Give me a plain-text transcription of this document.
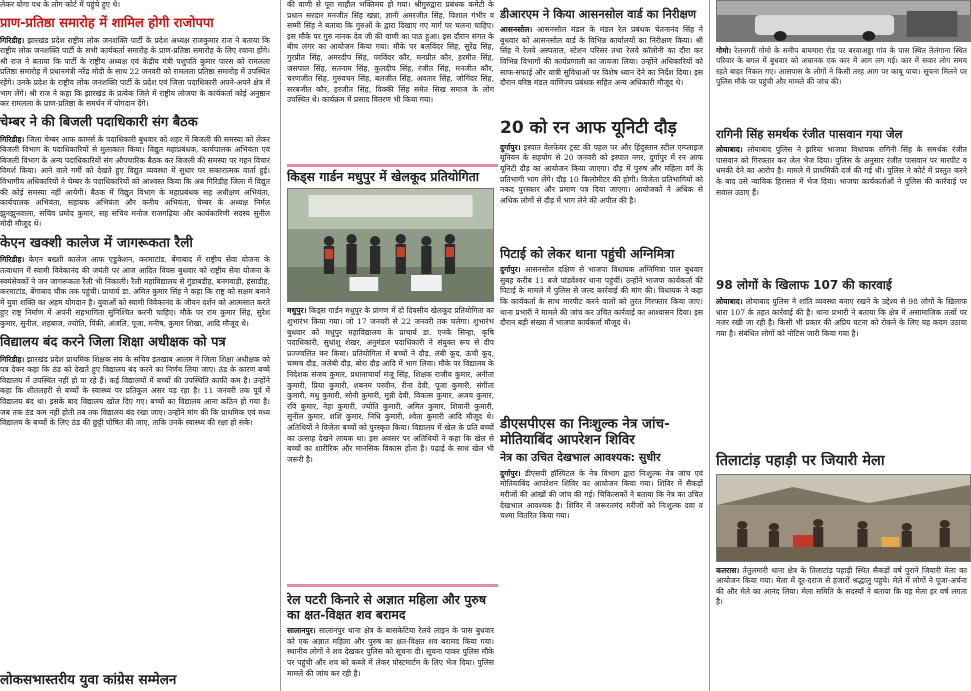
लेकर योगा पथ के लोग कोर्ट में पहुंचे हुए थे।
प्राण-प्रतिष्ठा समारोह में शामिल होगी राजोपपा
गिरिडीह। झारखंड प्रदेश राष्ट्रीय लोक जनशक्ति पार्टी के प्रदेश अध्यक्ष राजकुमार राज ने बताया कि राष्ट्रीय लोक जनशक्ति पार्टी के सभी कार्यकर्ता समारोह के प्राण-प्रतिष्ठा समारोह के लिए रवाना होंगे। श्री राज ने बताया कि पार्टी के राष्ट्रीय अध्यक्ष एवं केंद्रीय मंत्री पशुपति कुमार पारस को रामलला प्रतिष्ठा समारोह में प्रधानमंत्री नरेंद्र मोदी के साथ 22 जनवरी को रामलला प्रतिष्ठा समारोह में उपस्थित रहेंगे। उनके प्रदेश के राष्ट्रीय लोक जनशक्ति पार्टी के प्रदेश एवं जिला पदाधिकारी अपने-अपने क्षेत्र में भाग लेंगे। श्री राज ने कहा कि झारखंड के प्रत्येक जिले में राष्ट्रीय लोजपा के कार्यकर्ता कोई अनुष्ठान कर रामलला के प्राण-प्रतिष्ठा के समर्थन में योगदान देंगे।
चेम्बर ने की बिजली पदाधिकारी संग बैठक
गिरिडीह। जिला चेम्बर आफ कामर्स के पदाधिकारी बुधवार को शहर में बिजली की समस्या को लेकर बिजली विभाग के पदाधिकारियों से मुलाकात किया। विद्युत महाप्रबंधक, कार्यपालक अभियंता एवं बिजली विभाग के अन्य पदाधिकारियों संग औपचारिक बैठक कर बिजली की समस्या पर गहन विचार विमर्श किया। आने वाले गर्मी को देखते हुए विद्युत व्यवस्था में सुधार पर सकारात्मक वार्ता हुई। विभागीय अधिकारियों ने चेम्बर के पदाधिकारियों को आश्वस्त किया कि अब गिरिडीह जिला में विद्युत की कोई समस्या नहीं आयेगी। बैठक में विद्युत विभाग के महाप्रबंधक सह अधीक्षण अभियंता, कार्यपालक अभियंता, सहायक अभियंता और कनीय अभियंता, चेम्बर के अध्यक्ष निर्मल झुनझुनवाला, सचिव प्रमोद कुमार, सह सचिव मनोज राजगढ़िया और कार्यकारिणी सदस्य सुनील मोदी मौजूद थे।
केएन खक्शी कालेज में जागरूकता रैली
गिरिडीह। केएन बख्शी कालेज आफ एडुकेशन, करमाटांड, बेंगाबाद में राष्ट्रीय सेवा योजना के तत्वाधान में स्वामी विवेकानंद की जयंती पर आज आदित विवस बुधवार को राष्ट्रीय सेवा योजना के स्वयंसेवकों ने जन जागरूकता रैली भी निकाली। रैली महाविद्यालय से गुंडाबडीह, बनगवाड़ी, हंसाडीह, करमाटांड, बेंगाबाद चौक तक पहुंची। प्राचार्य डा. अमित कुमार सिंह ने कहा कि राष्ट्र को सक्षम बनाने में युवा शक्ति का अहम योगदान है। युवाओं को स्वामी विवेकानंद के जीवन दर्शन को आत्मसात करते हुए राष्ट्र निर्माण में अपनी सहभागिता सुनिश्चित करनी चाहिए। मौके पर राम कुमार सिंह, सुरेश कुमार, सुनील, शहबाज, ज्योति, पिंकी, अंजलि, पूजा, मनीष, कुमार शिखा, आदि मौजूद थे।
विद्यालय बंद करने जिला शिक्षा अधीक्षक को पत्र
गिरिडीह। झारखंड प्रदेश प्राथमिक शिक्षक संघ के सचिव इंतखाब आलम ने जिला शिक्षा अधीक्षक को पत्र देकर कहा कि ठंड को देखते हुए विद्यालय बंद करने का निर्णय लिया जाए। ठंड के कारण बच्चे विद्यालय में उपस्थित नहीं हो पा रहे हैं। कई विद्यालयों में बच्चों की उपस्थिति काफी कम है। उन्होंने कहा कि शीतलहरी से बच्चों के स्वास्थ्य पर प्रतिकूल असर पड़ रहा है। 11 जनवरी तक पूर्व में विद्यालय बंद था। इसके बाद विद्यालय खोल दिए गए। बच्चों का विद्यालय आना कठिन हो गया है। जब तक ठंड कम नहीं होती तब तक विद्यालय बंद रखा जाए। उन्होंने मांग की कि प्राथमिक एवं मध्य विद्यालय के बच्चों के लिए ठंड की छुट्टी घोषित की जाए, ताकि उनके स्वास्थ्य की रक्षा हो सके।
लोकसभास्तरीय युवा कांग्रेस सम्मेलन
की वाणी से पूरा माहौल भक्तिमय हो गया। श्रीगुरुद्वारा प्रबंधक कमेटी के प्रधान सरदार मनजीत सिंह खन्ना, ज्ञानी अमरजीत सिंह, विशाल गंभीर व सम्मी सिंह ने बताया कि गुरुओं के द्वारा दिखाए गए मार्ग पर चलना चाहिए। इस मौके पर गुरु नानक देव जी की वाणी का पाठ हुआ। इस दौरान संगत के बीच लंगर का आयोजन किया गया। मौके पर बलविंदर सिंह, सुरेंद्र सिंह, गुरप्रीत सिंह, अमरदीप सिंह, परविंदर कौर, मनप्रीत कौर, हरमीत सिंह, जसपाल सिंह, सतनाम सिंह, कुलदीप सिंह, रंजीत सिंह, मनजीत कौर, चरणजीत सिंह, गुरुवचन सिंह, बलजीत सिंह, अवतार सिंह, जोगिंदर सिंह, सरबजीत कौर, हरजीत सिंह, विक्की सिंह समेत सिख समाज के लोग उपस्थित थे। कार्यक्रम में प्रसाद वितरण भी किया गया।
किड्स गार्डन मधुपुर में खेलकूद प्रतियोगिता
मधुपुर। किड्स गार्डन मधुपुर के प्रांगण में दो दिवसीय खेलकूद प्रतियोगिता का शुभारंभ किया गया। जो 17 जनवरी से 22 जनवरी तक चलेगा। शुभारंभ बुधवार को मधुपुर महाविद्यालय के प्राचार्य डा. एनके सिन्हा, कृषि पदाधिकारी, सुधांशु शेखर, अनुमंडल पदाधिकारी ने संयुक्त रूप से दीप प्रज्ज्वलित कर किया। प्रतियोगिता में बच्चों ने दौड़, लंबी कूद, ऊंची कूद, चम्मच दौड़, जलेबी दौड़, बोरा दौड़ आदि में भाग लिया। मौके पर विद्यालय के निदेशक संजय कुमार, प्रधानाचार्या मंजू सिंह, शिक्षक राजीव कुमार, अनीता कुमारी, प्रिया कुमारी, शबनम परवीन, रीना देवी, पूजा कुमारी, संगीता कुमारी, मधु कुमारी, सोनी कुमारी, मुन्नी देवी, विकास कुमार, अजय कुमार, रवि कुमार, नेहा कुमारी, ज्योति कुमारी, अमित कुमार, शिवानी कुमारी, सुनील कुमार, शशि कुमार, निधि कुमारी, श्वेता कुमारी आदि मौजूद थे। अतिथियों ने विजेता बच्चों को पुरस्कृत किया। विद्यालय में खेल के प्रति बच्चों का उत्साह देखने लायक था। इस अवसर पर अतिथियों ने कहा कि खेल से बच्चों का शारीरिक और मानसिक विकास होता है। पढ़ाई के साथ खेल भी जरूरी है।
रेल पटरी किनारे से अज्ञात महिला और पुरुष का क्षत-विक्षत शव बरामद
सालानपुर। सालानपुर थाना क्षेत्र के बासकेटिया रेलवे लाइन के पास बुधवार को एक अज्ञात महिला और पुरुष का क्षत-विक्षत शव बरामद किया गया। स्थानीय लोगों ने शव देखकर पुलिस को सूचना दी। सूचना पाकर पुलिस मौके पर पहुंची और शव को कब्जे में लेकर पोस्टमार्टम के लिए भेज दिया। पुलिस मामले की जांच कर रही है।
डीआरएम ने किया आसनसोल वार्ड का निरीक्षण
आसनसोल। आसनसोल मंडल के मंडल रेल प्रबंधक चेतनानंद सिंह ने बुधवार को आसनसोल वार्ड के विभिन्न कार्यालयों का निरीक्षण किया। श्री सिंह ने रेलवे अस्पताल, स्टेशन परिसर तथा रेलवे कॉलोनी का दौरा कर विभिन्न विभागों की कार्यप्रणाली का जायजा लिया। उन्होंने अधिकारियों को साफ-सफाई और यात्री सुविधाओं पर विशेष ध्यान देने का निर्देश दिया। इस दौरान वरिष्ठ मंडल वाणिज्य प्रबंधक सहित अन्य अधिकारी मौजूद थे।
20 को रन आफ यूनिटी दौड़
दुर्गापुर। इस्पात वेलफेयर ट्रस्ट की पहल पर और हिंदुस्तान स्टील एम्प्लाइज यूनियन के सहयोग से 20 जनवरी को इस्पात नगर, दुर्गापुर में रन आफ यूनिटी दौड़ का आयोजन किया जाएगा। दौड़ में पुरुष और महिला वर्ग के प्रतिभागी भाग लेंगे। दौड़ 10 किलोमीटर की होगी। विजेता प्रतिभागियों को नकद पुरस्कार और प्रमाण पत्र दिया जाएगा। आयोजकों ने अधिक से अधिक लोगों से दौड़ में भाग लेने की अपील की है।
पिटाई को लेकर थाना पहुंची अग्निमित्रा
दुर्गापुर। आसनसोल दक्षिण से भाजपा विधायक अग्निमित्रा पाल बुधवार सुबह करीब 11 बजे पांडवेश्वर थाना पहुंचीं। उन्होंने भाजपा कार्यकर्ता की पिटाई के मामले में पुलिस से जल्द कार्रवाई की मांग की। विधायक ने कहा कि कार्यकर्ता के साथ मारपीट करने वालों को तुरंत गिरफ्तार किया जाए। थाना प्रभारी ने मामले की जांच कर उचित कार्रवाई का आश्वासन दिया। इस दौरान बड़ी संख्या में भाजपा कार्यकर्ता मौजूद थे।
डीएसपीएस का निःशुल्क नेत्र जांच-मोतियाबिंद आपरेशन शिविर
नेत्र का उचित देखभाल आवश्यक: सुधीर
दुर्गापुर। डीएसपी हॉस्पिटल के नेत्र विभाग द्वारा निःशुल्क नेत्र जांच एवं मोतियाबिंद आपरेशन शिविर का आयोजन किया गया। शिविर में सैकड़ों मरीजों की आंखों की जांच की गई। चिकित्सकों ने बताया कि नेत्र का उचित देखभाल आवश्यक है। शिविर में जरूरतमंद मरीजों को निःशुल्क दवा व चश्मा वितरित किया गया।
गोमो। रेलनगरी गोमो के समीप बाघमारा रोड पर बरवाअड्डा गांव के पास स्थित तेलंगाना स्थित परिवार के बगल में बुधवार को अचानक एक कार में आग लग गई। कार में सवार लोग समय रहते बाहर निकल गए। आसपास के लोगों ने किसी तरह आग पर काबू पाया। सूचना मिलने पर पुलिस मौके पर पहुंची और मामले की जांच की।
रागिनी सिंह समर्थक रंजीत पासवान गया जेल
लोयाबाद। लोयाबाद पुलिस ने झरिया भाजपा विधायक रागिनी सिंह के समर्थक रंजीत पासवान को गिरफ्तार कर जेल भेज दिया। पुलिस के अनुसार रंजीत पासवान पर मारपीट व धमकी देने का आरोप है। मामले में प्राथमिकी दर्ज की गई थी। पुलिस ने कोर्ट में प्रस्तुत करने के बाद उसे न्यायिक हिरासत में भेज दिया। भाजपा कार्यकर्ताओं ने पुलिस की कार्रवाई पर सवाल उठाए हैं।
98 लोगों के खिलाफ 107 की कारवाई
लोयाबाद। लोयाबाद पुलिस ने शांति व्यवस्था बनाए रखने के उद्देश्य से 98 लोगों के खिलाफ धारा 107 के तहत कार्रवाई की है। थाना प्रभारी ने बताया कि क्षेत्र में असामाजिक तत्वों पर नजर रखी जा रही है। किसी भी प्रकार की अप्रिय घटना को रोकने के लिए यह कदम उठाया गया है। संबंधित लोगों को नोटिस जारी किया गया है।
तिलाटांड़ पहाड़ी पर जियारी मेला
कतरास। तेतुलमारी थाना क्षेत्र के तिलाटांड़ पहाड़ी स्थित सैकड़ों वर्ष पुराने जियारी मेला का आयोजन किया गया। मेला में दूर-दराज से हजारों श्रद्धालु पहुंचे। मेले में लोगों ने पूजा-अर्चना की और मेले का आनंद लिया। मेला समिति के सदस्यों ने बताया कि यह मेला हर वर्ष लगता है।
